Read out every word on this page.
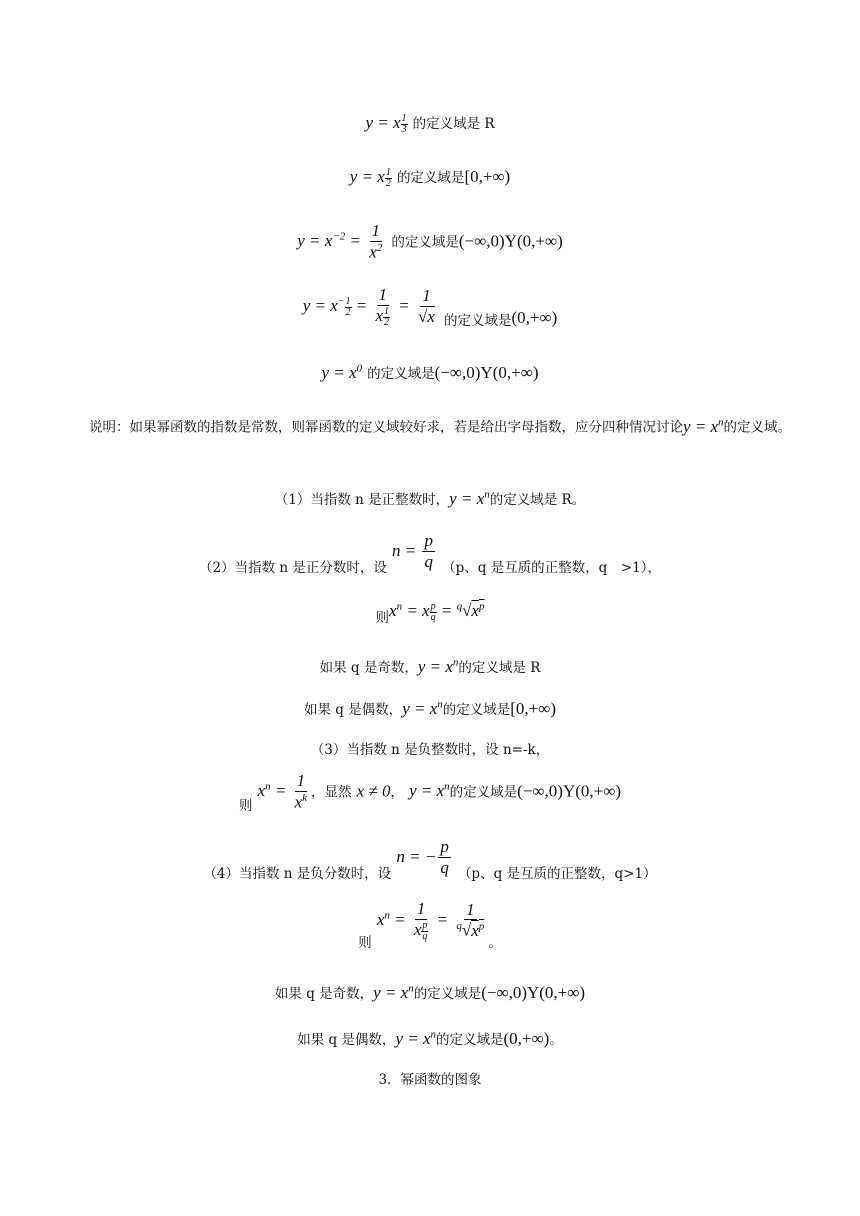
y = x $\frac{1}{3}$ 的定义域是 R
y = x $\frac{1}{2}$ 的定义域是[0,+∞)
$y = x^{-2} = \frac{1}{x^2}$ 的定义域是(−∞,0)Y(0,+∞)
$y = x^{- \frac{1}{2}} = \frac{1}{x \frac{1}{2}} = \frac{1}{√x} _{的定义域是}(0,+\infty)$
$y = x^0$ 的定义域是(−∞,0)Y(0,+∞)
说明：如果幂函数的指数是常数，则幂函数的定义域较好求，若是给出字母指数，应分四种情况讨论$y = x^n$的定义域。
（1）当指数 n 是正整数时，$y = x^n$的定义域是 R。
$_{(2)当指数 n 是正分数时,设}$ $n = \frac{p}{q} _{(p、q 是互质的正整数,q >1),}$
$_则x^n = x \frac{p}{q} = ^q√x^p$
如果 q 是奇数，$y = x^n$的定义域是 R
如果 q 是偶数，$y = x^n$的定义域是[0,+∞)
（3）当指数 n 是负整数时，设 n=-k，
$_则$ $x^n = \frac{1}{x^k}$ ，显然 x ≠ 0， $y = x^n$的定义域是(−∞,0)Y(0,+∞)
$_{(4)当指数 n 是负分数时,设}$ n = − $\frac{p}{q} _{(p、q 是互质的正整数,q>1)}$
$_则$ $x^n = \frac{1}{x \frac{p}{q}} = \frac{1}{^q√x^p}$
$_。$
如果 q 是奇数，$y = x^n$的定义域是(−∞,0)Y(0,+∞)
如果 q 是偶数，$y = x^n$的定义域是(0,+∞)。
3．幂函数的图象
